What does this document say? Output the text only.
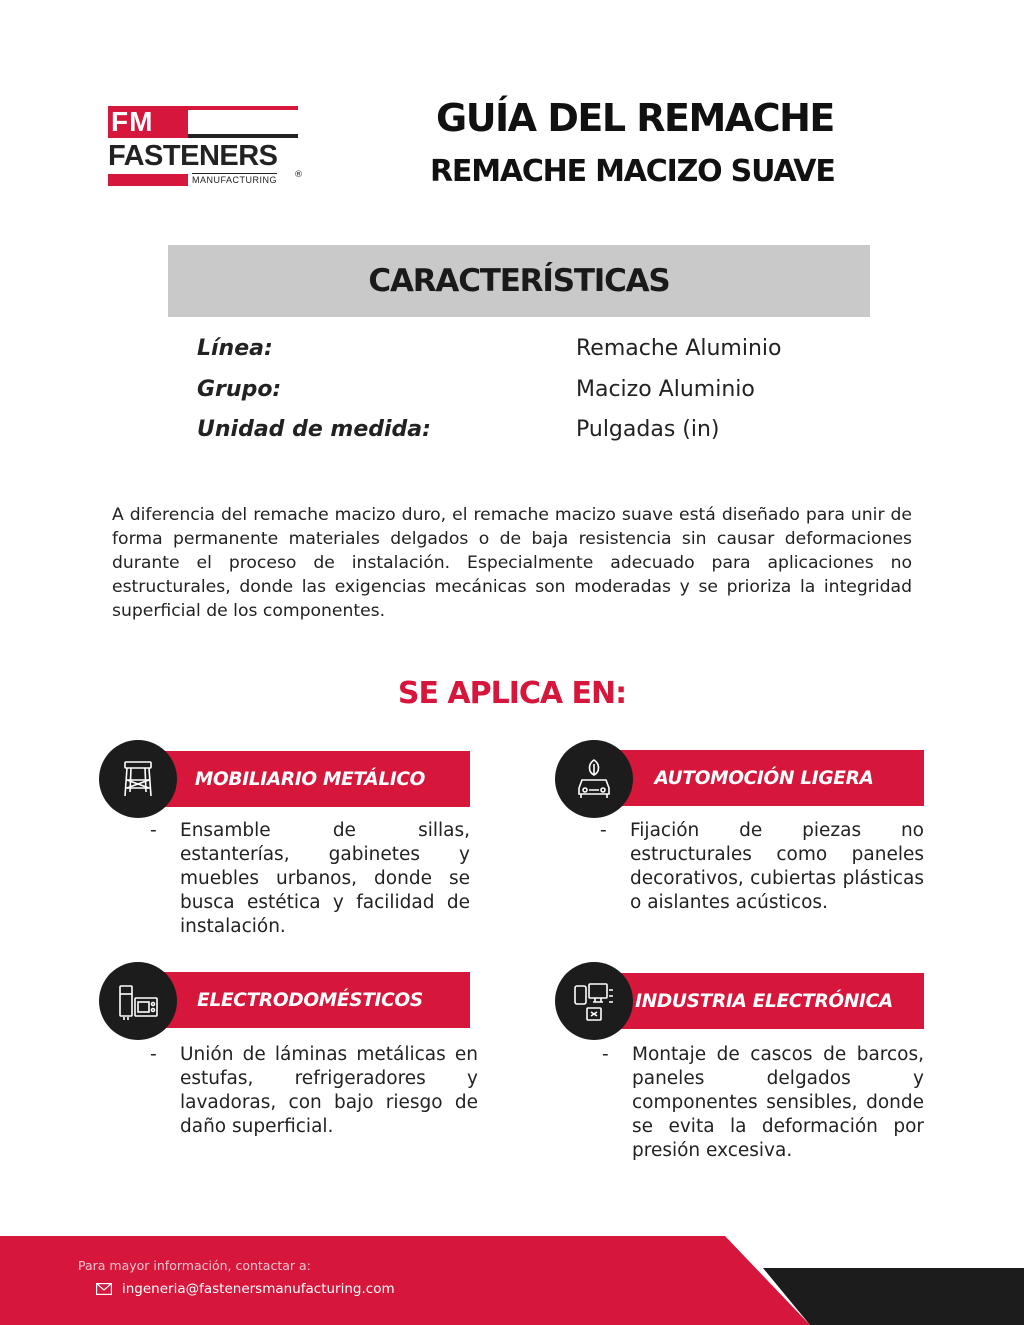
FM
FASTENERS
MANUFACTURING ®
GUÍA DEL REMACHE
REMACHE MACIZO SUAVE
CARACTERÍSTICAS
Línea:	Remache Aluminio
Grupo:	Macizo Aluminio
Unidad de medida:	Pulgadas (in)

A diferencia del remache macizo duro, el remache macizo suave está diseñado para unir de forma permanente materiales delgados o de baja resistencia sin causar deformaciones durante el proceso de instalación. Especialmente adecuado para aplicaciones no estructurales, donde las exigencias mecánicas son moderadas y se prioriza la integridad superficial de los componentes.

SE APLICA EN:
MOBILIARIO METÁLICO
- Ensamble de sillas, estanterías, gabinetes y muebles urbanos, donde se busca estética y facilidad de instalación.
AUTOMOCIÓN LIGERA
- Fijación de piezas no estructurales como paneles decorativos, cubiertas plásticas o aislantes acústicos.
ELECTRODOMÉSTICOS
- Unión de láminas metálicas en estufas, refrigeradores y lavadoras, con bajo riesgo de daño superficial.
INDUSTRIA ELECTRÓNICA
- Montaje de cascos de barcos, paneles delgados y componentes sensibles, donde se evita la deformación por presión excesiva.
Para mayor información, contactar a:
ingeneria@fastenersmanufacturing.com
